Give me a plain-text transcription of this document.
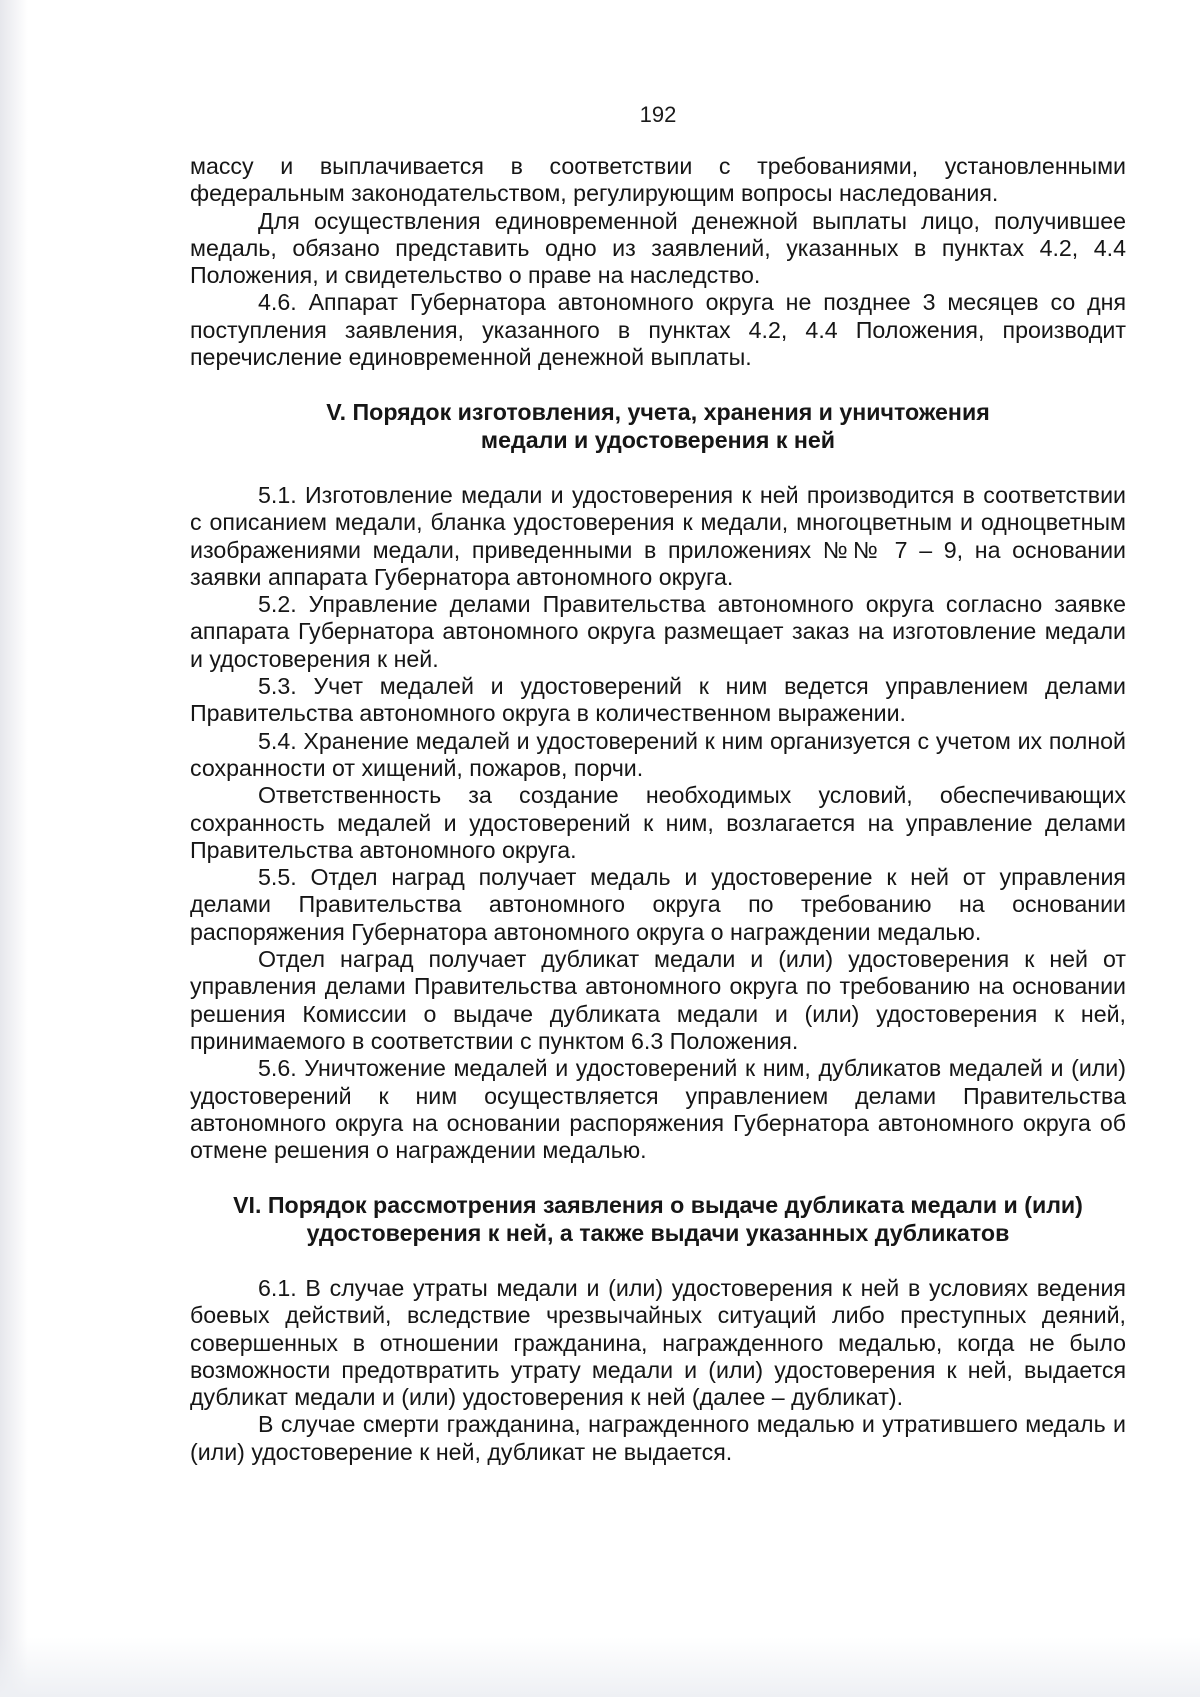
192

массу и выплачивается в соответствии с требованиями, установленными федеральным законодательством, регулирующим вопросы наследования.

Для осуществления единовременной денежной выплаты лицо, получившее медаль, обязано представить одно из заявлений, указанных в пунктах 4.2, 4.4 Положения, и свидетельство о праве на наследство.

4.6. Аппарат Губернатора автономного округа не позднее 3 месяцев со дня поступления заявления, указанного в пунктах 4.2, 4.4 Положения, производит перечисление единовременной денежной выплаты.

V. Порядок изготовления, учета, хранения и уничтожения
медали и удостоверения к ней

5.1. Изготовление медали и удостоверения к ней производится в соответствии с описанием медали, бланка удостоверения к медали, многоцветным и одноцветным изображениями медали, приведенными в приложениях №№ 7 – 9, на основании заявки аппарата Губернатора автономного округа.

5.2. Управление делами Правительства автономного округа согласно заявке аппарата Губернатора автономного округа размещает заказ на изготовление медали и удостоверения к ней.

5.3. Учет медалей и удостоверений к ним ведется управлением делами Правительства автономного округа в количественном выражении.

5.4. Хранение медалей и удостоверений к ним организуется с учетом их полной сохранности от хищений, пожаров, порчи.

Ответственность за создание необходимых условий, обеспечивающих сохранность медалей и удостоверений к ним, возлагается на управление делами Правительства автономного округа.

5.5. Отдел наград получает медаль и удостоверение к ней от управления делами Правительства автономного округа по требованию на основании распоряжения Губернатора автономного округа о награждении медалью.

Отдел наград получает дубликат медали и (или) удостоверения к ней от управления делами Правительства автономного округа по требованию на основании решения Комиссии о выдаче дубликата медали и (или) удостоверения к ней, принимаемого в соответствии с пунктом 6.3 Положения.

5.6. Уничтожение медалей и удостоверений к ним, дубликатов медалей и (или) удостоверений к ним осуществляется управлением делами Правительства автономного округа на основании распоряжения Губернатора автономного округа об отмене решения о награждении медалью.

VI. Порядок рассмотрения заявления о выдаче дубликата медали и (или)
удостоверения к ней, а также выдачи указанных дубликатов

6.1. В случае утраты медали и (или) удостоверения к ней в условиях ведения боевых действий, вследствие чрезвычайных ситуаций либо преступных деяний, совершенных в отношении гражданина, награжденного медалью, когда не было возможности предотвратить утрату медали и (или) удостоверения к ней, выдается дубликат медали и (или) удостоверения к ней (далее – дубликат).

В случае смерти гражданина, награжденного медалью и утратившего медаль и (или) удостоверение к ней, дубликат не выдается.
